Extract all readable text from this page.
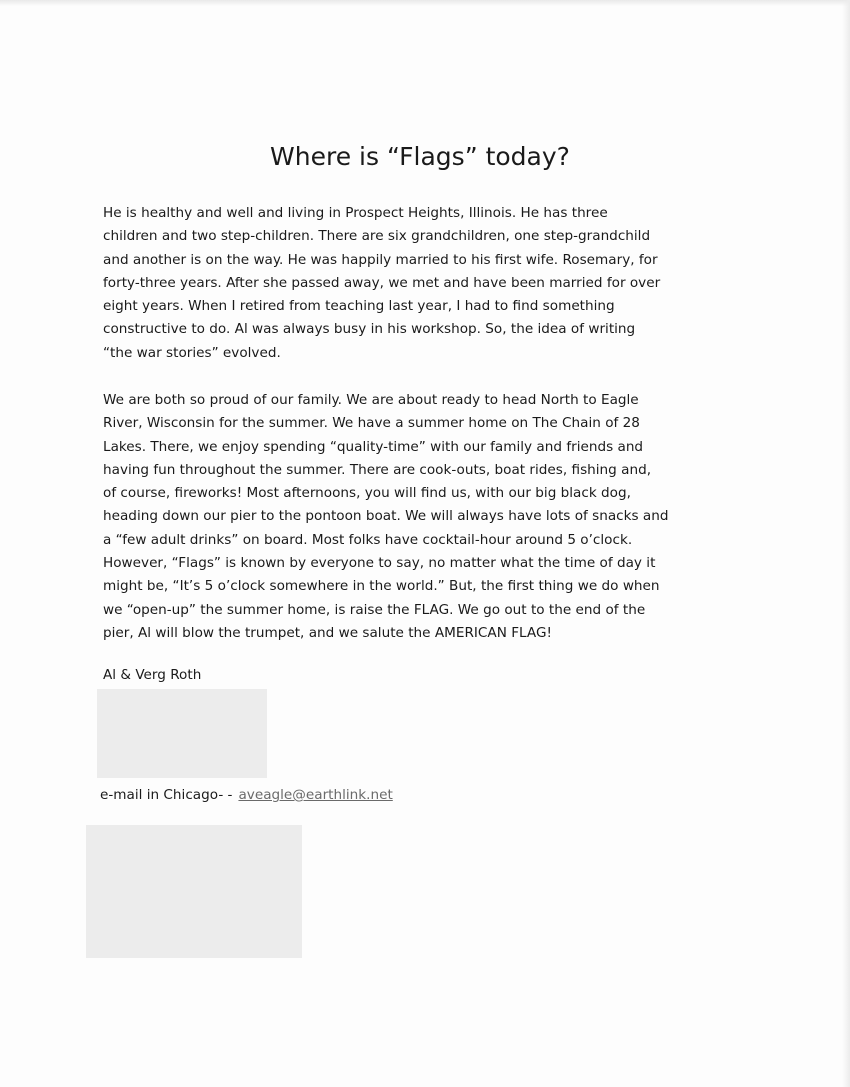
Where is “Flags” today?
He is healthy and well and living in Prospect Heights, Illinois. He has three
children and two step-children. There are six grandchildren, one step-grandchild
and another is on the way. He was happily married to his first wife. Rosemary, for
forty-three years. After she passed away, we met and have been married for over
eight years. When I retired from teaching last year, I had to find something
constructive to do. Al was always busy in his workshop. So, the idea of writing
“the war stories” evolved.
We are both so proud of our family. We are about ready to head North to Eagle
River, Wisconsin for the summer. We have a summer home on The Chain of 28
Lakes. There, we enjoy spending “quality-time” with our family and friends and
having fun throughout the summer. There are cook-outs, boat rides, fishing and,
of course, fireworks! Most afternoons, you will find us, with our big black dog,
heading down our pier to the pontoon boat. We will always have lots of snacks and
a “few adult drinks” on board. Most folks have cocktail-hour around 5 o’clock.
However, “Flags” is known by everyone to say, no matter what the time of day it
might be, “It’s 5 o’clock somewhere in the world.” But, the first thing we do when
we “open-up” the summer home, is raise the FLAG. We go out to the end of the
pier, Al will blow the trumpet, and we salute the AMERICAN FLAG!

Al & Verg Roth

e-mail in Chicago- - aveagle@earthlink.net
